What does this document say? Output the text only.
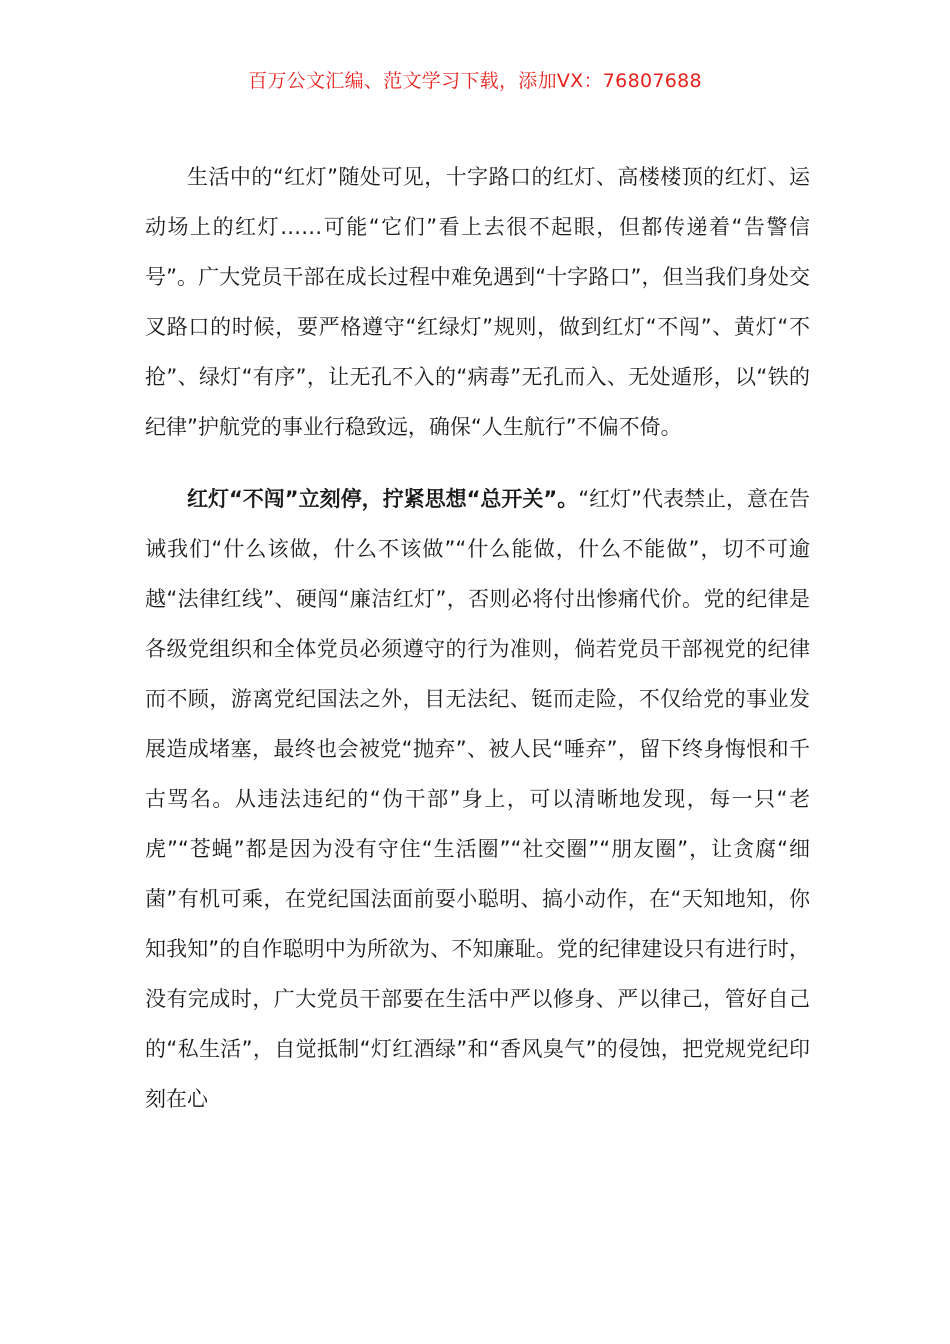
百万公文汇编、范文学习下载，添加VX：76807688

生活中的“红灯”随处可见，十字路口的红灯、高楼楼顶的红灯、运动场上的红灯……可能“它们”看上去很不起眼，但都传递着“告警信号”。广大党员干部在成长过程中难免遇到“十字路口”，但当我们身处交叉路口的时候，要严格遵守“红绿灯”规则，做到红灯“不闯”、黄灯“不抢”、绿灯“有序”，让无孔不入的“病毒”无孔而入、无处遁形，以“铁的纪律”护航党的事业行稳致远，确保“人生航行”不偏不倚。

红灯“不闯”立刻停，拧紧思想“总开关”。“红灯”代表禁止，意在告诫我们“什么该做，什么不该做”“什么能做，什么不能做”，切不可逾越“法律红线”、硬闯“廉洁红灯”，否则必将付出惨痛代价。党的纪律是各级党组织和全体党员必须遵守的行为准则，倘若党员干部视党的纪律而不顾，游离党纪国法之外，目无法纪、铤而走险，不仅给党的事业发展造成堵塞，最终也会被党“抛弃”、被人民“唾弃”，留下终身悔恨和千古骂名。从违法违纪的“伪干部”身上，可以清晰地发现，每一只“老虎”“苍蝇”都是因为没有守住“生活圈”“社交圈”“朋友圈”，让贪腐“细菌”有机可乘，在党纪国法面前耍小聪明、搞小动作，在“天知地知，你知我知”的自作聪明中为所欲为、不知廉耻。党的纪律建设只有进行时，没有完成时，广大党员干部要在生活中严以修身、严以律己，管好自己的“私生活”，自觉抵制“灯红酒绿”和“香风臭气”的侵蚀，把党规党纪印刻在心
